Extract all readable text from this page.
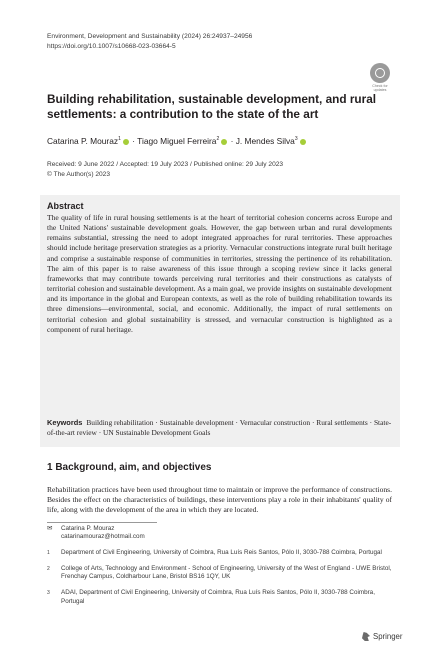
Environment, Development and Sustainability (2024) 26:24937–24956
https://doi.org/10.1007/s10668-023-03664-5
Check for updates
Building rehabilitation, sustainable development, and rural settlements: a contribution to the state of the art
Catarina P. Mouraz$^1$ · Tiago Miguel Ferreira$^2$ · J. Mendes Silva$^3$
Received: 9 June 2022 / Accepted: 19 July 2023 / Published online: 29 July 2023
© The Author(s) 2023
Abstract

The quality of life in rural housing settlements is at the heart of territorial cohesion concerns across Europe and the United Nations' sustainable development goals. However, the gap between urban and rural developments remains substantial, stressing the need to adopt integrated approaches for rural territories. These approaches should include heritage preservation strategies as a priority. Vernacular constructions integrate rural built heritage and comprise a sustainable response of communities in territories, stressing the pertinence of its rehabilitation. The aim of this paper is to raise awareness of this issue through a scoping review since it lacks general frameworks that may contribute towards perceiving rural territories and their constructions as catalysts of territorial cohesion and sustainable development. As a main goal, we provide insights on sustainable development and its importance in the global and European contexts, as well as the role of building rehabilitation towards its three dimensions—environmental, social, and economic. Additionally, the impact of rural settlements on territorial cohesion and global sustainability is stressed, and vernacular construction is highlighted as a component of rural heritage.

Keywords Building rehabilitation · Sustainable development · Vernacular construction · Rural settlements · State-of-the-art review · UN Sustainable Development Goals

1 Background, aim, and objectives

Rehabilitation practices have been used throughout time to maintain or improve the performance of constructions. Besides the effect on the characteristics of buildings, these interventions play a role in their inhabitants' quality of life, along with the development of the area in which they are located.

✉	Catarina P. Mouraz
catarinamouraz@hotmail.com
1	Department of Civil Engineering, University of Coimbra, Rua Luís Reis Santos, Pólo II, 3030-788 Coimbra, Portugal
2	College of Arts, Technology and Environment - School of Engineering, University of the West of England - UWE Bristol, Frenchay Campus, Coldharbour Lane, Bristol BS16 1QY, UK
3	ADAI, Department of Civil Engineering, University of Coimbra, Rua Luís Reis Santos, Pólo II, 3030-788 Coimbra, Portugal
Springer
